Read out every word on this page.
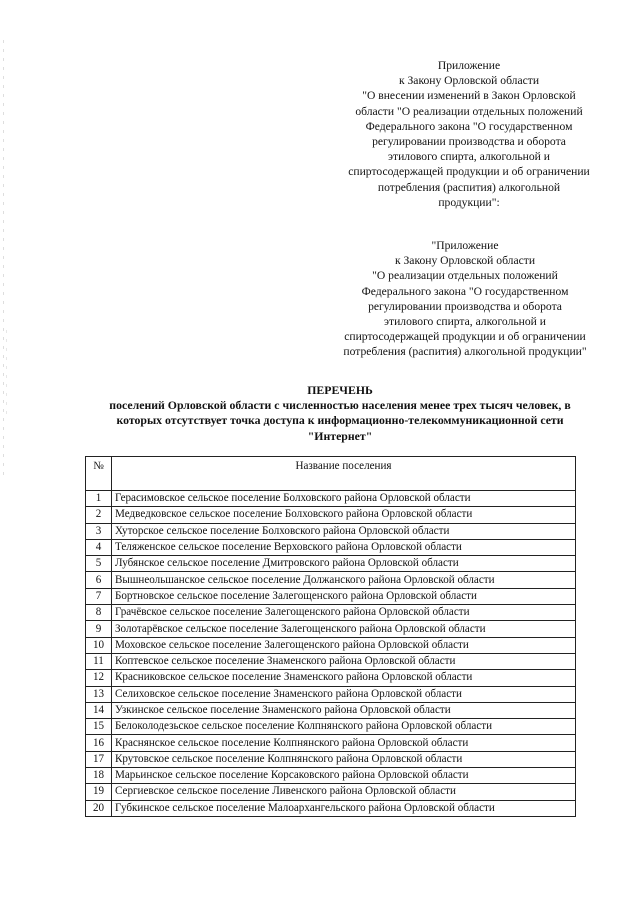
Приложение
к Закону Орловской области
"О внесении изменений в Закон Орловской
области "О реализации отдельных положений
Федерального закона "О государственном
регулировании производства и оборота
этилового спирта, алкогольной и
спиртосодержащей продукции и об ограничении
потребления (распития) алкогольной
продукции":
"Приложение
к Закону Орловской области
"О реализации отдельных положений
Федерального закона "О государственном
регулировании производства и оборота
этилового спирта, алкогольной и
спиртосодержащей продукции и об ограничении
потребления (распития) алкогольной продукции"
ПЕРЕЧЕНЬ
поселений Орловской области с численностью населения менее трех тысяч человек, в
которых отсутствует точка доступа к информационно-телекоммуникационной сети
"Интернет"
№	Название поселения
1	Герасимовское сельское поселение Болховского района Орловской области
2	Медведковское сельское поселение Болховского района Орловской области
3	Хуторское сельское поселение Болховского района Орловской области
4	Теляженское сельское поселение Верховского района Орловской области
5	Лубянское сельское поселение Дмитровского района Орловской области
6	Вышнеольшанское сельское поселение Должанского района Орловской области
7	Бортновское сельское поселение Залегощенского района Орловской области
8	Грачёвское сельское поселение Залегощенского района Орловской области
9	Золотарёвское сельское поселение Залегощенского района Орловской области
10	Моховское сельское поселение Залегощенского района Орловской области
11	Коптевское сельское поселение Знаменского района Орловской области
12	Красниковское сельское поселение Знаменского района Орловской области
13	Селиховское сельское поселение Знаменского района Орловской области
14	Узкинское сельское поселение Знаменского района Орловской области
15	Белоколодезьское сельское поселение Колпнянского района Орловской области
16	Краснянское сельское поселение Колпнянского района Орловской области
17	Крутовское сельское поселение Колпнянского района Орловской области
18	Марьинское сельское поселение Корсаковского района Орловской области
19	Сергиевское сельское поселение Ливенского района Орловской области
20	Губкинское сельское поселение Малоархангельского района Орловской области
